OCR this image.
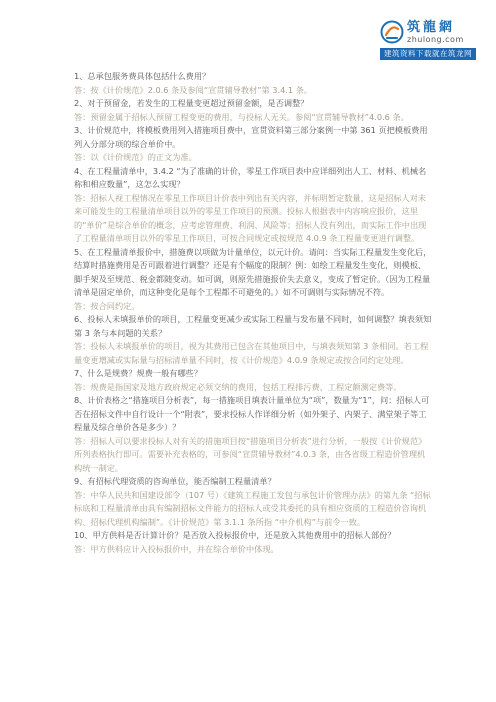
筑龍網
zhulong.com
建筑资料下载就在筑龙网

1、总承包服务费具体包括什么费用？

答：按《计价规范》2.0.6 条及参阅“宣贯辅导教材”第 3.4.1 条。

2、对于预留金，若发生的工程量变更超过预留金额，是否调整？

答：预留金属于招标人预留工程变更的费用，与投标人无关。参阅“宣贯辅导教材”4.0.6 条。

3、计价规范中，将模板费用列入措施项目费中，宣贯资料第三部分案例一中第 361 页把模板费用列入分部分项的综合单价中。

答：以《计价规范》的正文为准。

4、在工程量清单中，3.4.2 “为了准确的计价，零星工作项目表中应详细列出人工、材料、机械名称和相应数量”，这怎么实现？

答：招标人视工程情况在零星工作项目计价表中列出有关内容，并标明暂定数量，这是招标人对未来可能发生的工程量清单项目以外的零星工作项目的预测。投标人根据表中内容响应报价，这里的“单价”是综合单价的概念，应考虑管理费、利润、风险等；招标人没有列出，而实际工作中出现了工程量清单项目以外的零星工作项目，可按合同规定或按规范 4.0.9 条工程量变更进行调整。

5、在工程量清单报价中，措施费以项做为计量单位，以元计价。请问：当实际工程量发生变化后，结算时措施费用是否可跟着进行调整？还是有个幅度的限制？例：如绘工程量发生变化，则模板、脚手架及至规范、税金都随变动。如可调，则原先措施报价失去意义，变成了暂定价。（因为工程量清单是固定单价，而这种变化是每个工程都不可避免的。）如不可调则与实际情况不符。

答：按合同约定。

6、投标人未填报单价的项目，工程量变更减少或实际工程量与发布量不同时，如何调整？填表须知第 3 条与本问题的关系？

答：投标人未填报单价的项目，视为其费用已包含在其他项目中，与填表须知第 3 条相同。若工程量变更增减或实际量与招标清单量不同时，按《计价规范》4.0.9 条规定或按合同约定处理。

7、什么是规费？规费一般有哪些？

答：规费是指国家及地方政府规定必须交纳的费用，包括工程排污费、工程定额测定费等。

8、计价表格之“措施项目分析表”，每一措施项目填表计量单位为“项”，数量为“1”，问：招标人可否在招标文件中自行设计一个“附表”，要求投标人作详细分析（如外架子、内架子、满堂架子等工程量及综合单价各是多少）？

答：招标人可以要求投标人对有关的措施项目按“措施项目分析表”进行分析，一般按《计价规范》所列表格执行即可。需要补充表格的，可参阅“宣贯辅导教材”4.0.3 条，由各省级工程造价管理机构统一制定。

9、有招标代理资质的咨询单位，能否编制工程量清单？

答：中华人民共和国建设部令（107 号）《建筑工程施工发包与承包计价管理办法》的第九条 “招标标底和工程量清单由具有编制招标文件能力的招标人或受其委托的具有相应资质的工程造价咨询机构、招标代理机构编制”。《计价规范》第 3.1.1 条所指 “中介机构”与前令一致。

10、甲方供料是否计算计价？是否放入投标报价中，还是放入其他费用中的招标人部份？

答：甲方供料应计入投标报价中，并在综合单价中体现。
